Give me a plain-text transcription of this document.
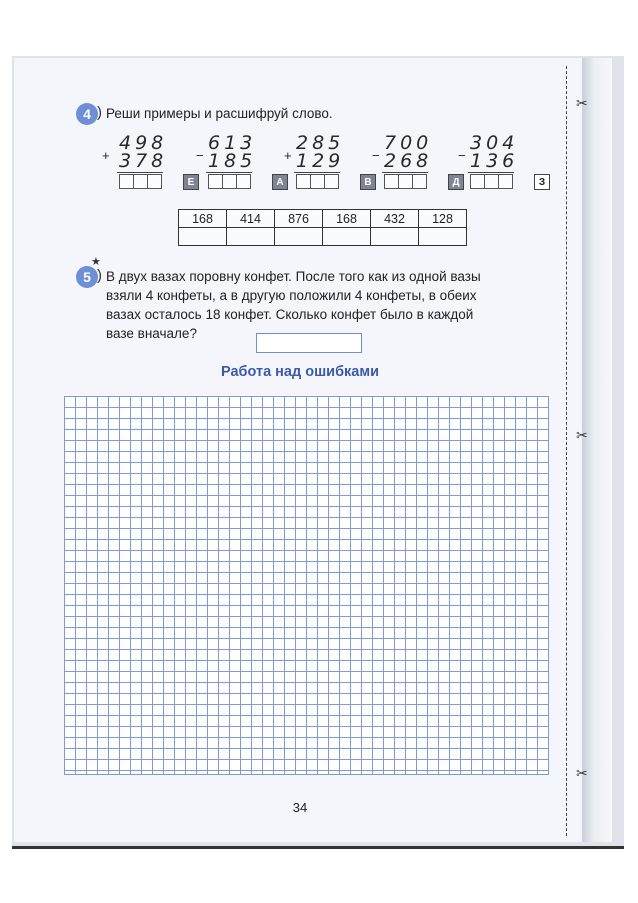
✂
✂
✂
4 ) Реши примеры и расшифруй слово.
+
498
378
Е
−
613
185
А
+
285
129
В
−
700
268
Д
−
304
136
З
168	414	876	168	432	128

★
5 ) В двух вазах поровну конфет. После того как из одной вазы
взяли 4 конфеты, а в другую положили 4 конфеты, в обеих
вазах осталось 18 конфет. Сколько конфет было в каждой
вазе вначале?
Работа над ошибками
34
